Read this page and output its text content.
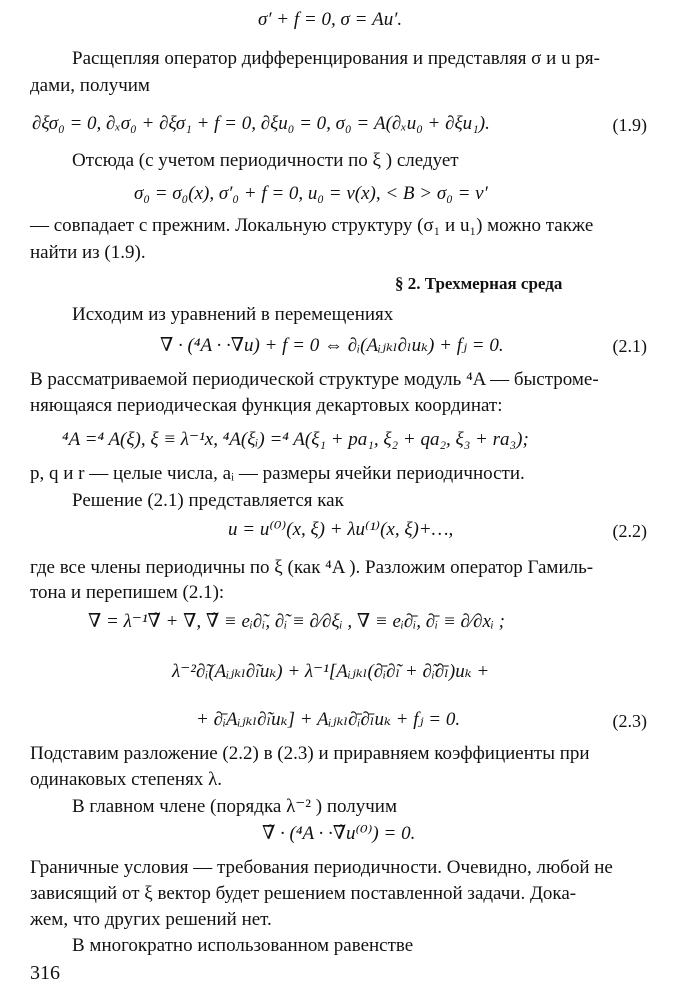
σ′ + f = 0, σ = Au′.
Расщепляя оператор дифференцирования и представляя σ и u ря-
дами, получим
∂ξσ₀ = 0, ∂ₓσ₀ + ∂ξσ₁ + f = 0, ∂ξu₀ = 0, σ₀ = A(∂ₓu₀ + ∂ξu₁).	(1.9)
Отсюда (с учетом периодичности по ξ ) следует
σ₀ = σ₀(x), σ′₀ + f = 0, u₀ = v(x), < B > σ₀ = v′
— совпадает с прежним. Локальную структуру (σ₁ и u₁) можно также
найти из (1.9).
§ 2. Трехмерная среда
Исходим из уравнений в перемещениях
∇ · (⁴A · ·∇u) + f = 0 ⇔ ∂ᵢ(Aᵢⱼₖₗ∂ₗuₖ) + fⱼ = 0.	(2.1)
В рассматриваемой периодической структуре модуль ⁴A — быстроме-
няющаяся периодическая функция декартовых координат:
⁴A =⁴ A(ξ), ξ ≡ λ⁻¹x, ⁴A(ξᵢ) =⁴ A(ξ₁ + pa₁, ξ₂ + qa₂, ξ₃ + ra₃);
p, q и r — целые числа, aᵢ — размеры ячейки периодичности.
Решение (2.1) представляется как
u = u⁽⁰⁾(x, ξ) + λu⁽¹⁾(x, ξ)+…,	(2.2)
где все члены периодичны по ξ (как ⁴A ). Разложим оператор Гамиль-
тона и перепишем (2.1):
∇ = λ⁻¹∇̃ + ∇̄, ∇̃ ≡ eᵢ∂̃ᵢ, ∂̃ᵢ ≡ ∂⁄∂ξᵢ , ∇̄ ≡ eᵢ∂̄ᵢ, ∂̄ᵢ ≡ ∂⁄∂xᵢ ;
λ⁻²∂̃ᵢ(Aᵢⱼₖₗ∂̃ₗuₖ) + λ⁻¹[Aᵢⱼₖₗ(∂̄ᵢ∂̃ₗ + ∂̃ᵢ∂̄ₗ)uₖ +
+ ∂̄ᵢAᵢⱼₖₗ∂̃ₗuₖ] + Aᵢⱼₖₗ∂̄ᵢ∂̄ₗuₖ + fⱼ = 0.	(2.3)
Подставим разложение (2.2) в (2.3) и приравняем коэффициенты при
одинаковых степенях λ.
В главном члене (порядка λ⁻² ) получим
∇̃ · (⁴A · ·∇̃u⁽⁰⁾) = 0.
Граничные условия — требования периодичности. Очевидно, любой не
зависящий от ξ вектор будет решением поставленной задачи. Дока-
жем, что других решений нет.
В многократно использованном равенстве
316
